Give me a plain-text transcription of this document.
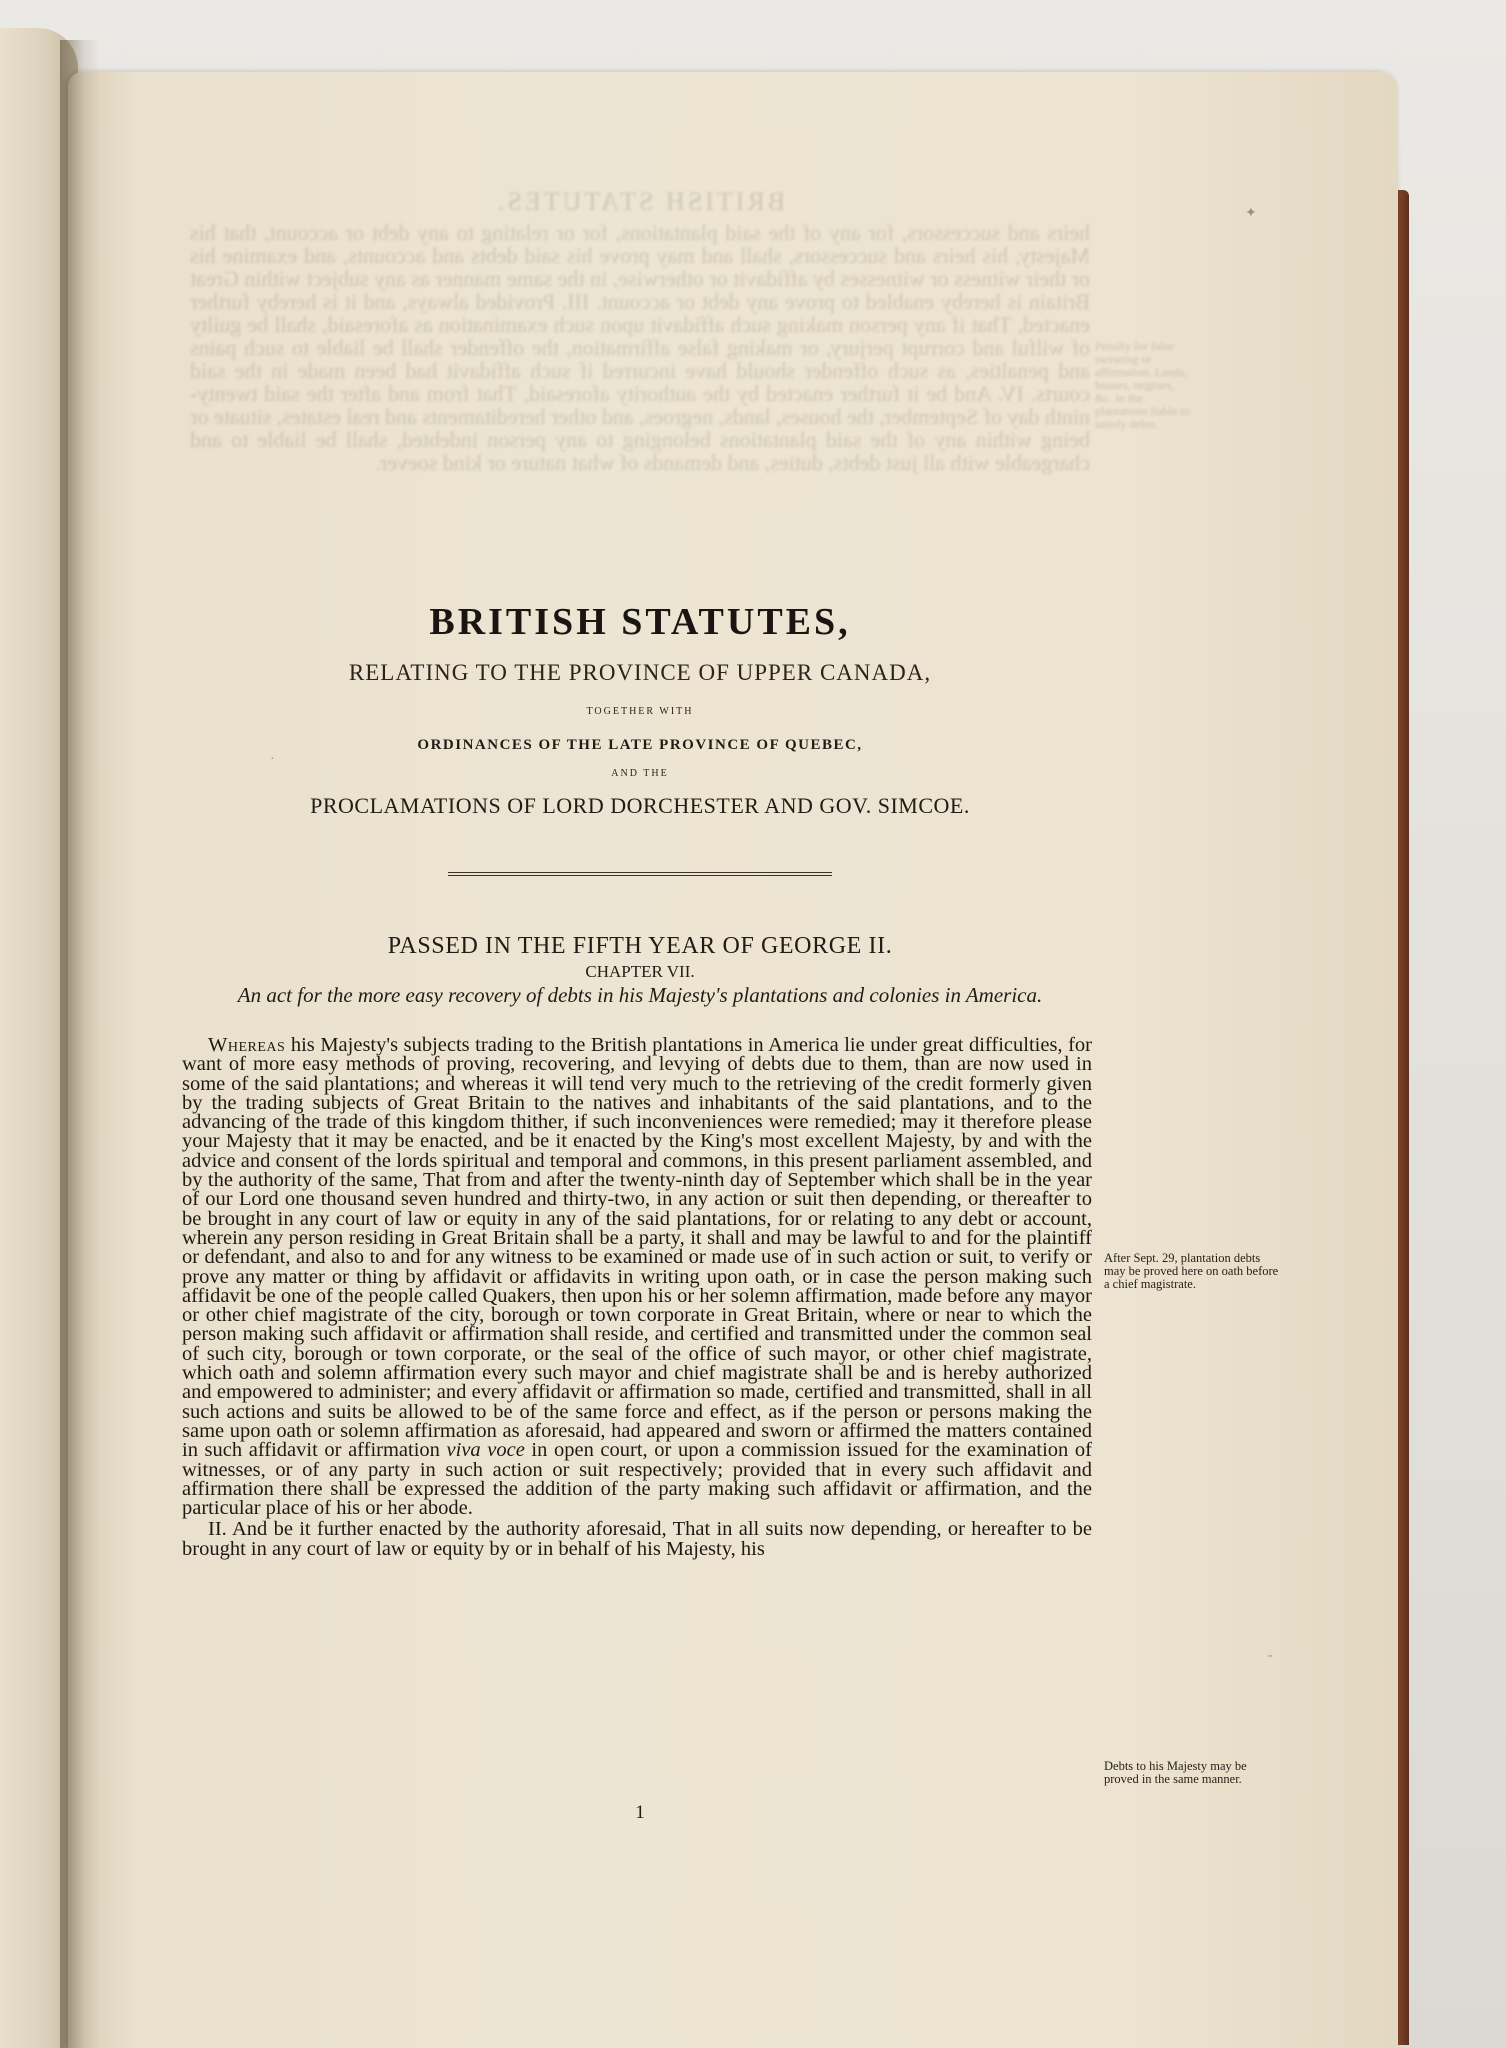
BRITISH STATUTES.
heirs and successors, for any of the said plantations, for or relating to any debt or account, that his Majesty, his heirs and successors, shall and may prove his said debts and accounts, and examine his or their witness or witnesses by affidavit or otherwise, in the same manner as any subject within Great Britain is hereby enabled to prove any debt or account. III. Provided always, and it is hereby further enacted, That if any person making such affidavit upon such examination as aforesaid, shall be guilty of wilful and corrupt perjury, or making false affirmation, the offender shall be liable to such pains and penalties, as such offender should have incurred if such affidavit had been made in the said courts. IV. And be it further enacted by the authority aforesaid, That from and after the said twenty-ninth day of September, the houses, lands, negroes, and other hereditaments and real estates, situate or being within any of the said plantations belonging to any person indebted, shall be liable to and chargeable with all just debts, duties, and demands of what nature or kind soever.
Penalty for false swearing or affirmation. Lands, houses, negroes, &c. in the plantations liable to satisfy debts.
✦
·
-
BRITISH STATUTES,
RELATING TO THE PROVINCE OF UPPER CANADA,
TOGETHER WITH
ORDINANCES OF THE LATE PROVINCE OF QUEBEC,
AND THE
PROCLAMATIONS OF LORD DORCHESTER AND GOV. SIMCOE.
PASSED IN THE FIFTH YEAR OF GEORGE II.
CHAPTER VII.
An act for the more easy recovery of debts in his Majesty's plantations and colonies in America.

Whereas his Majesty's subjects trading to the British plantations in America lie under great difficulties, for want of more easy methods of proving, recovering, and levying of debts due to them, than are now used in some of the said plantations; and whereas it will tend very much to the retrieving of the credit formerly given by the trading subjects of Great Britain to the natives and inhabitants of the said plantations, and to the advancing of the trade of this kingdom thither, if such inconveniences were remedied; may it therefore please your Majesty that it may be enacted, and be it enacted by the King's most excellent Majesty, by and with the advice and consent of the lords spiritual and temporal and commons, in this present parliament assembled, and by the authority of the same, That from and after the twenty-ninth day of September which shall be in the year of our Lord one thousand seven hundred and thirty-two, in any action or suit then depending, or thereafter to be brought in any court of law or equity in any of the said plantations, for or relating to any debt or account, wherein any person residing in Great Britain shall be a party, it shall and may be lawful to and for the plaintiff or defendant, and also to and for any witness to be examined or made use of in such action or suit, to verify or prove any matter or thing by affidavit or affidavits in writing upon oath, or in case the person making such affidavit be one of the people called Quakers, then upon his or her solemn affirmation, made before any mayor or other chief magistrate of the city, borough or town corporate in Great Britain, where or near to which the person making such affidavit or affirmation shall reside, and certified and transmitted under the common seal of such city, borough or town corporate, or the seal of the office of such mayor, or other chief magistrate, which oath and solemn affirmation every such mayor and chief magistrate shall be and is hereby authorized and empowered to administer; and every affidavit or affirmation so made, certified and transmitted, shall in all such actions and suits be allowed to be of the same force and effect, as if the person or persons making the same upon oath or solemn affirmation as aforesaid, had appeared and sworn or affirmed the matters contained in such affidavit or affirmation viva voce in open court, or upon a commission issued for the examination of witnesses, or of any party in such action or suit respectively; provided that in every such affidavit and affirmation there shall be expressed the addition of the party making such affidavit or affirmation, and the particular place of his or her abode.

II. And be it further enacted by the authority aforesaid, That in all suits now depending, or hereafter to be brought in any court of law or equity by or in behalf of his Majesty, his

After Sept. 29, plantation debts may be proved here on oath before a chief magistrate.
Debts to his Majesty may be proved in the same manner.
1
